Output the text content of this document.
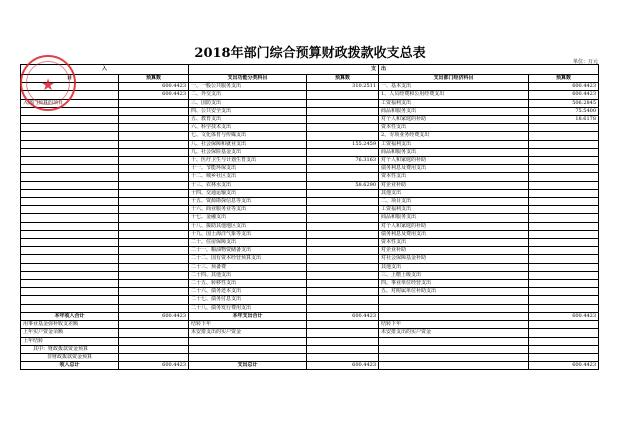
2018年部门综合预算财政拨款收支总表
单位：万元
入		支		出	
目	预算数	支出功能分类科目	预算数	支出部门经济科目	预算数
	600.4423	一、一般公共服务支出	310.2511	一、基本支出	600.4423
	600.4423	二、外交支出		1、人员经费和公用经费支出	600.4423
入部门预算的项目		三、国防支出		工资福利支出	506.2845
		四、公共安全支出		商品和服务支出	75.5400
		五、教育支出		对个人和家庭的补助	18.6178
		六、科学技术支出		资本性支出	
		七、文化体育与传媒支出		2、专项业务经费支出	
		八、社会保障和就业支出	155.2459	工资福利支出	
		九、社会保险基金支出		商品和服务支出	
		十、医疗卫生与计划生育支出	76.3163	对个人和家庭的补助	
		十一、节能环保支出		债务利息及费用支出	
		十二、城乡社区支出		资本性支出	
		十三、农林水支出	58.6290	对企业补助	
		十四、交通运输支出		其他支出	
		十五、资源勘探信息等支出		二、项目支出	
		十六、商业服务业等支出		工资福利支出	
		十七、金融支出		商品和服务支出	
		十八、援助其他地区支出		对个人和家庭的补助	
		十九、国土海洋气象等支出		债务利息及费用支出	
		二十、住房保障支出		资本性支出	
		二十一、粮油物资储备支出		对企业补助	
		二十二、国有资本经营预算支出		对社会保障基金补助	
		二十三、预备费		其他支出	
		二十四、其他支出		三、上缴上级支出	
		二十五、转移性支出		四、事业单位经营支出	
		二十六、债务还本支出		五、对附属单位补助支出	
		二十七、债务付息支出			
		二十八、债务发行费用支出			
本年收入合计	600.4423	本年支出合计	600.4423		600.4423
用事业基金弥补收支差额		结转下年		结转下年	
上年实户资金余额		未安排支出的实户资金		未安排支出的实户资金	
上年结转					
其中：财政拨款资金预算					
非财政拨款资金预算					
收入总计	600.4423	支出总计	600.4423		600.4423
★
